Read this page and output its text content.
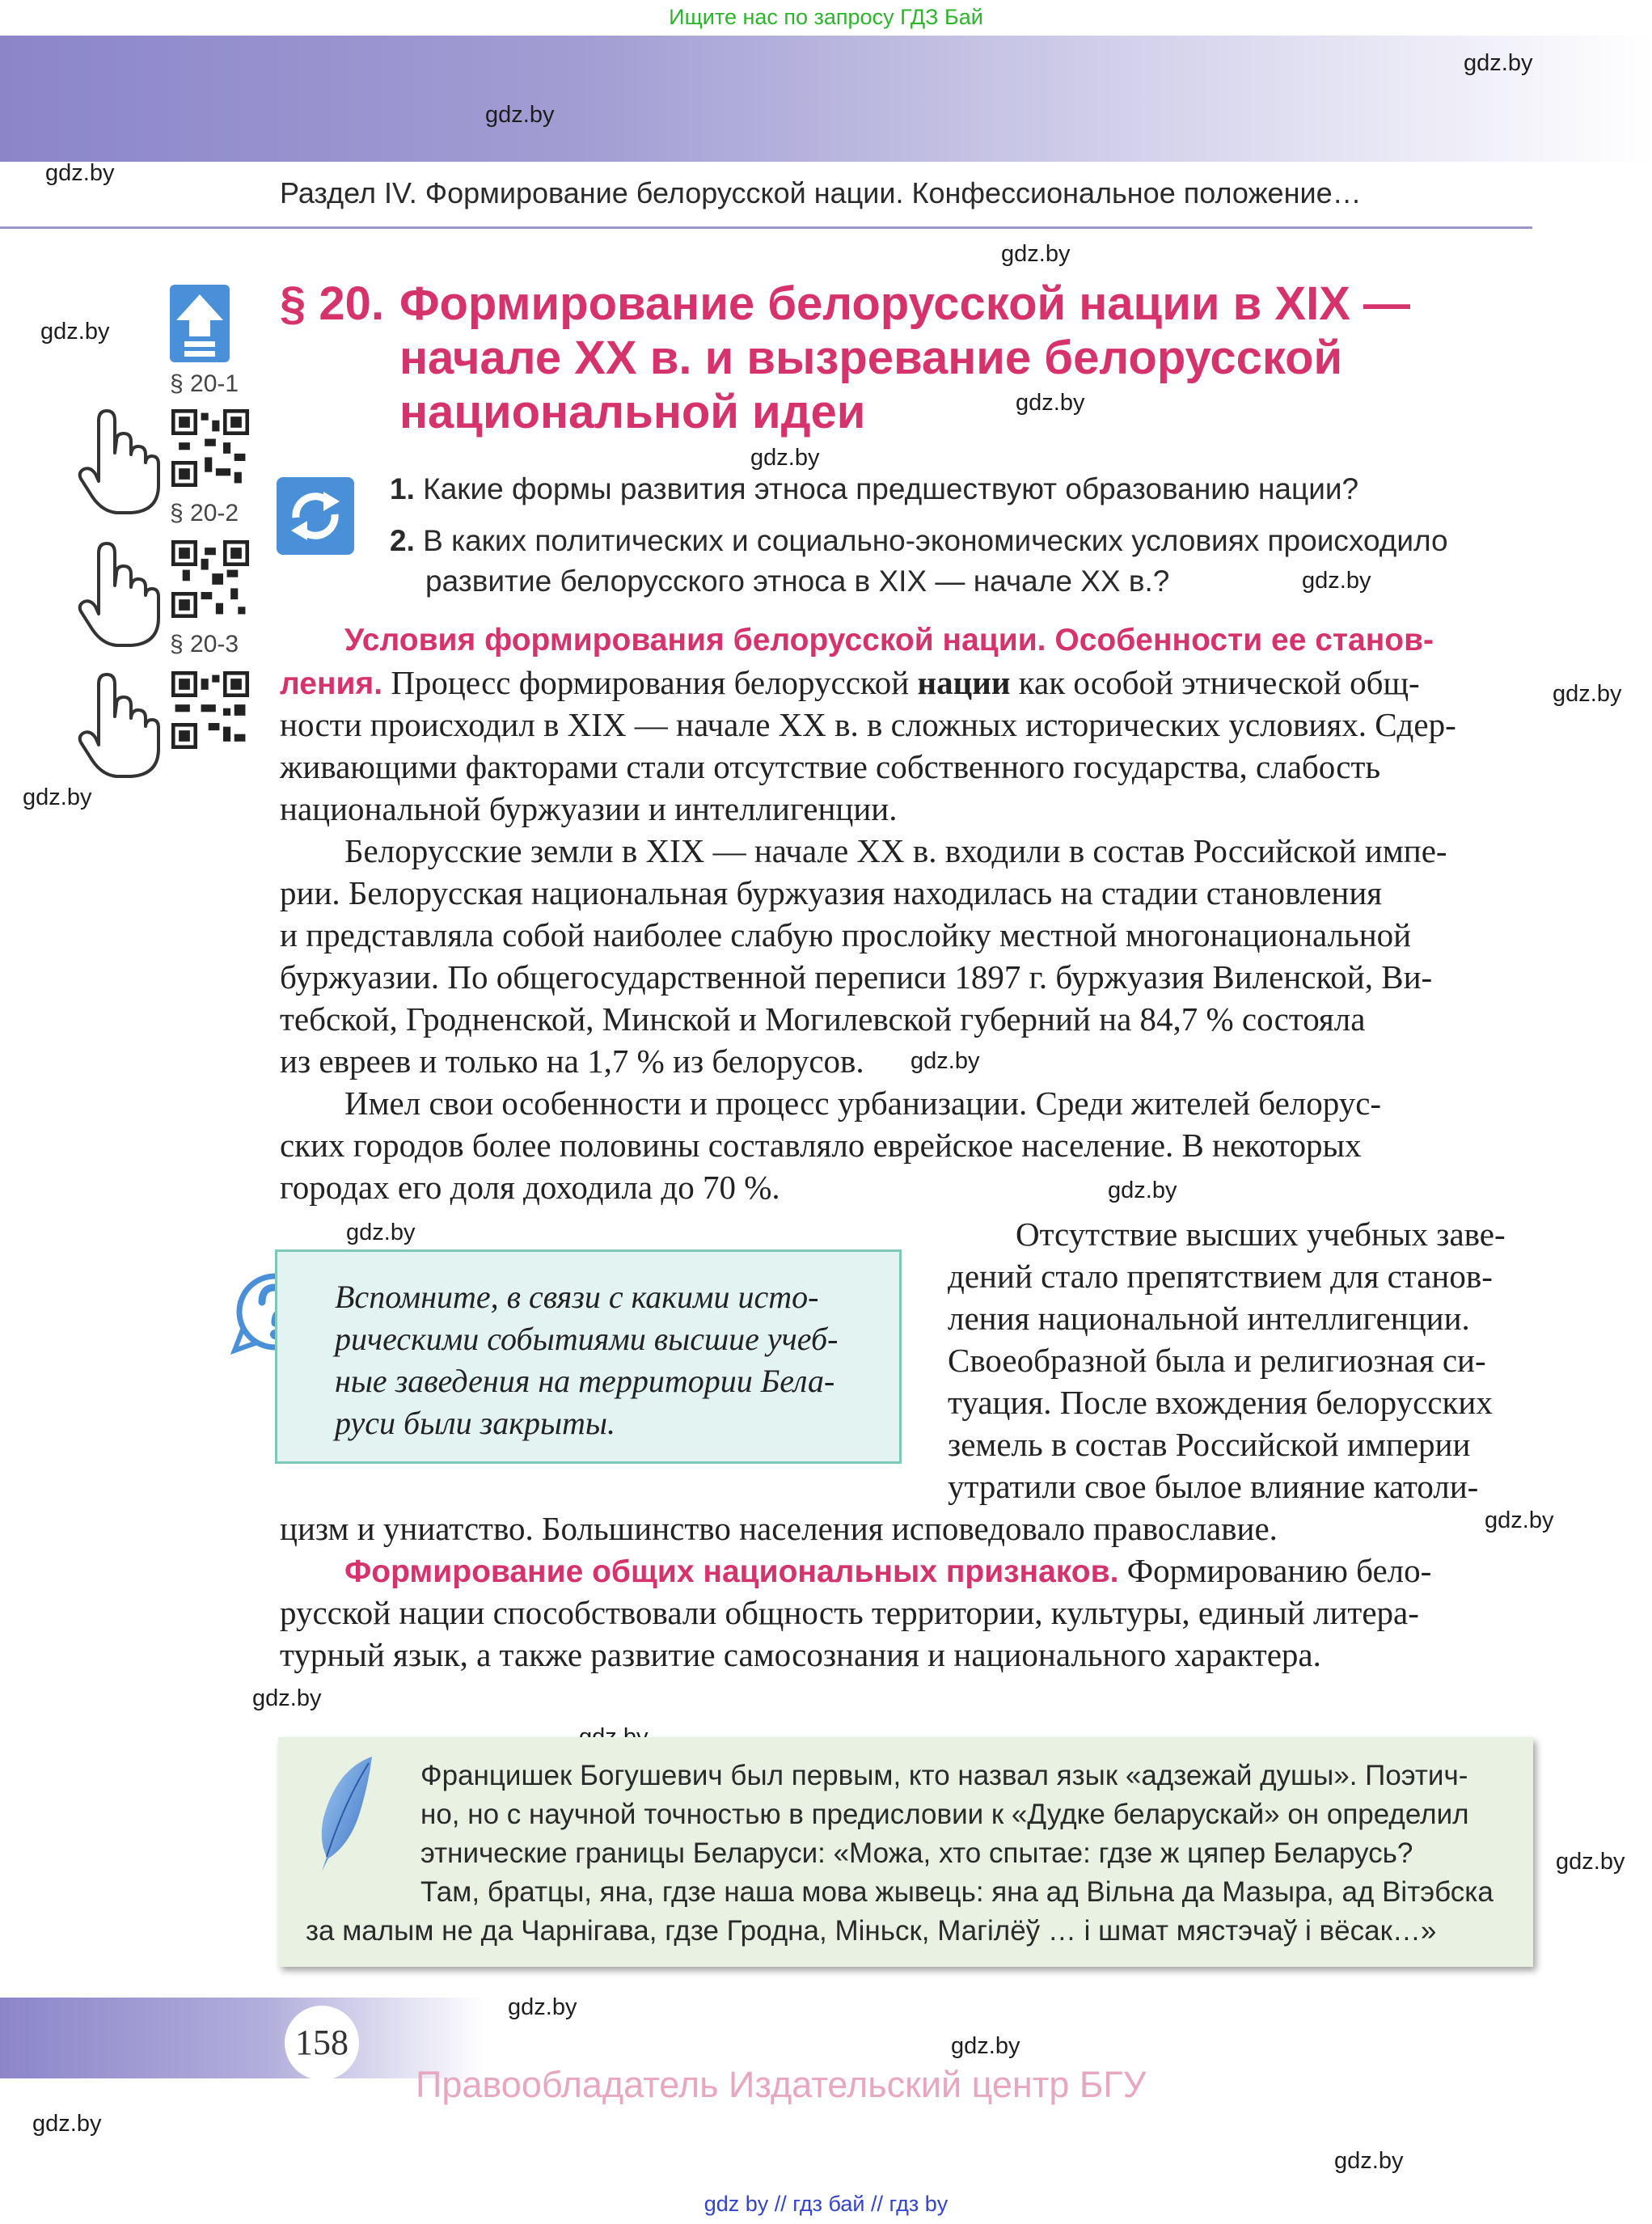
Ищите нас по запросу ГДЗ Бай
Раздел IV. Формирование белорусской нации. Конфессиональное положение…
gdz.by
gdz.by
gdz.by
gdz.by
gdz.by
gdz.by
gdz.by
gdz.by
gdz.by
gdz.by
gdz.by
gdz.by
gdz.by
gdz.by
gdz.by
gdz.by
gdz.by
gdz.by
gdz.by
gdz.by
§ 20-1
§ 20-2
§ 20-3
§ 20. Формирование белорусской нации в XIX —
начале XX в. и вызревание белорусской
национальной идеи
1. Какие формы развития этноса предшествуют образованию нации?
2. В каких политических и социально-экономических условиях происходило
развитие белорусского этноса в XIX — начале XX в.?
Условия формирования белорусской нации. Особенности ее станов-
ления. Процесс формирования белорусской нации как особой этнической общ-
ности происходил в XIX — начале XX в. в сложных исторических условиях. Сдер-
живающими факторами стали отсутствие собственного государства, слабость
национальной буржуазии и интеллигенции.
Белорусские земли в XIX — начале XX в. входили в состав Российской импе-
рии. Белорусская национальная буржуазия находилась на стадии становления
и представляла собой наиболее слабую прослойку местной многонациональной
буржуазии. По общегосударственной переписи 1897 г. буржуазия Виленской, Ви-
тебской, Гродненской, Минской и Могилевской губерний на 84,7 % состояла
из евреев и только на 1,7 % из белорусов.
Имел свои особенности и процесс урбанизации. Среди жителей белорус-
ских городов более половины составляло еврейское население. В некоторых
городах его доля доходила до 70 %.
Отсутствие высших учебных заве-
дений стало препятствием для станов-
ления национальной интеллигенции.
Своеобразной была и религиозная си-
туация. После вхождения белорусских
земель в состав Российской империи
утратили свое былое влияние католи-
цизм и униатство. Большинство населения исповедовало православие.
Формирование общих национальных признаков. Формированию бело-
русской нации способствовали общность территории, культуры, единый литера-
турный язык, а также развитие самосознания и национального характера.
Вспомните, в связи с какими исто-
рическими событиями высшие учеб-
ные заведения на территории Бела-
руси были закрыты.
Францишек Богушевич был первым, кто назвал язык «адзежай душы». Поэтич-
но, но с научной точностью в предисловии к «Дудке беларускай» он определил
этнические границы Беларуси: «Можа, хто спытае: гдзе ж цяпер Беларусь?
Там, братцы, яна, гдзе наша мова жывець: яна ад Вільна да Мазыра, ад Вітэбска
за малым не да Чарнігава, гдзе Гродна, Міньск, Магілёў … і шмат мястэчаў і вёсак…»
158
Правообладатель Издательский центр БГУ
gdz by // гдз бай // гдз by
